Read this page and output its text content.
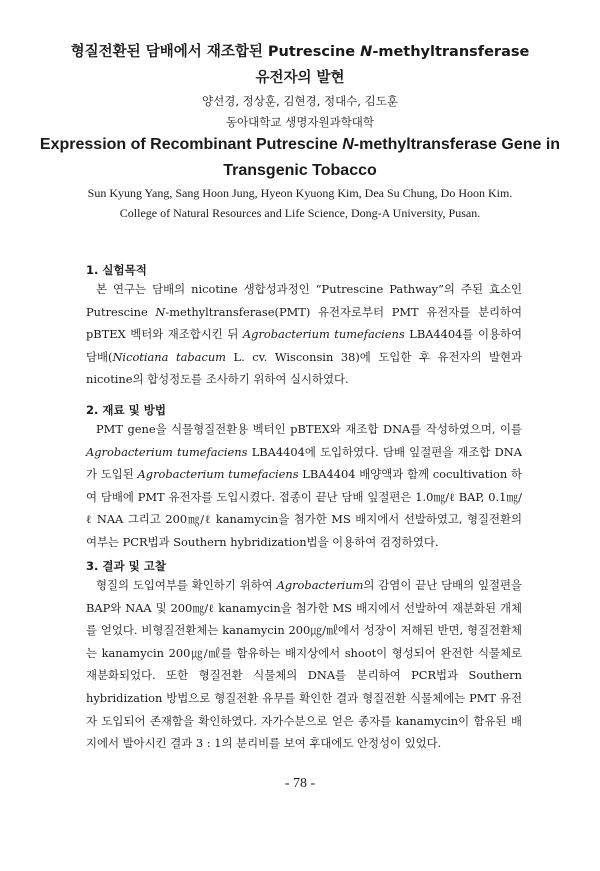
형질전환된 담배에서 재조합된 Putrescine N-methyltransferase
유전자의 발현
양선경, 정상훈, 김현경, 정대수, 김도훈
동아대학교 생명자원과학대학
Expression of Recombinant Putrescine N-methyltransferase Gene in
Transgenic Tobacco
Sun Kyung Yang, Sang Hoon Jung, Hyeon Kyuong Kim, Dea Su Chung, Do Hoon Kim.
College of Natural Resources and Life Science, Dong-A University, Pusan.
1. 실험목적

본 연구는 담배의 nicotine 생합성과정인 “Putrescine Pathway”의 주된 효소인 Putrescine N-methyltransferase(PMT) 유전자로부터 PMT 유전자를 분리하여 pBTEX 벡터와 재조합시킨 뒤 Agrobacterium tumefaciens LBA4404를 이용하여 담배(Nicotiana tabacum L. cv. Wisconsin 38)에 도입한 후 유전자의 발현과 nicotine의 합성정도를 조사하기 위하여 실시하였다.

2. 재료 및 방법

PMT gene을 식물형질전환용 벡터인 pBTEX와 재조합 DNA를 작성하였으며, 이를 Agrobacterium tumefaciens LBA4404에 도입하였다. 담배 잎절편을 재조합 DNA가 도입된 Agrobacterium tumefaciens LBA4404 배양액과 함께 cocultivation 하여 담배에 PMT 유전자를 도입시켰다. 접종이 끝난 담배 잎절편은 1.0㎎/ℓ BAP, 0.1㎎/ℓ NAA 그리고 200㎎/ℓ kanamycin을 첨가한 MS 배지에서 선발하였고, 형질전환의 여부는 PCR법과 Southern hybridization법을 이용하여 검정하였다.

3. 결과 및 고찰

형질의 도입여부를 확인하기 위하여 Agrobacterium의 감염이 끝난 담배의 잎절편을 BAP와 NAA 및 200㎎/ℓ kanamycin을 첨가한 MS 배지에서 선발하여 재분화된 개체를 얻었다. 비형질전환체는 kanamycin 200㎍/㎖에서 성장이 저해된 반면, 형질전환체는 kanamycin 200㎍/㎖를 함유하는 배지상에서 shoot이 형성되어 완전한 식물체로 재분화되었다. 또한 형질전환 식물체의 DNA를 분리하여 PCR법과 Southern hybridization 방법으로 형질전환 유무를 확인한 결과 형질전환 식물체에는 PMT 유전자 도입되어 존재함을 확인하였다. 자가수분으로 얻은 종자를 kanamycin이 함유된 배지에서 발아시킨 결과 3 : 1의 분리비를 보여 후대에도 안정성이 있었다.

- 78 -
